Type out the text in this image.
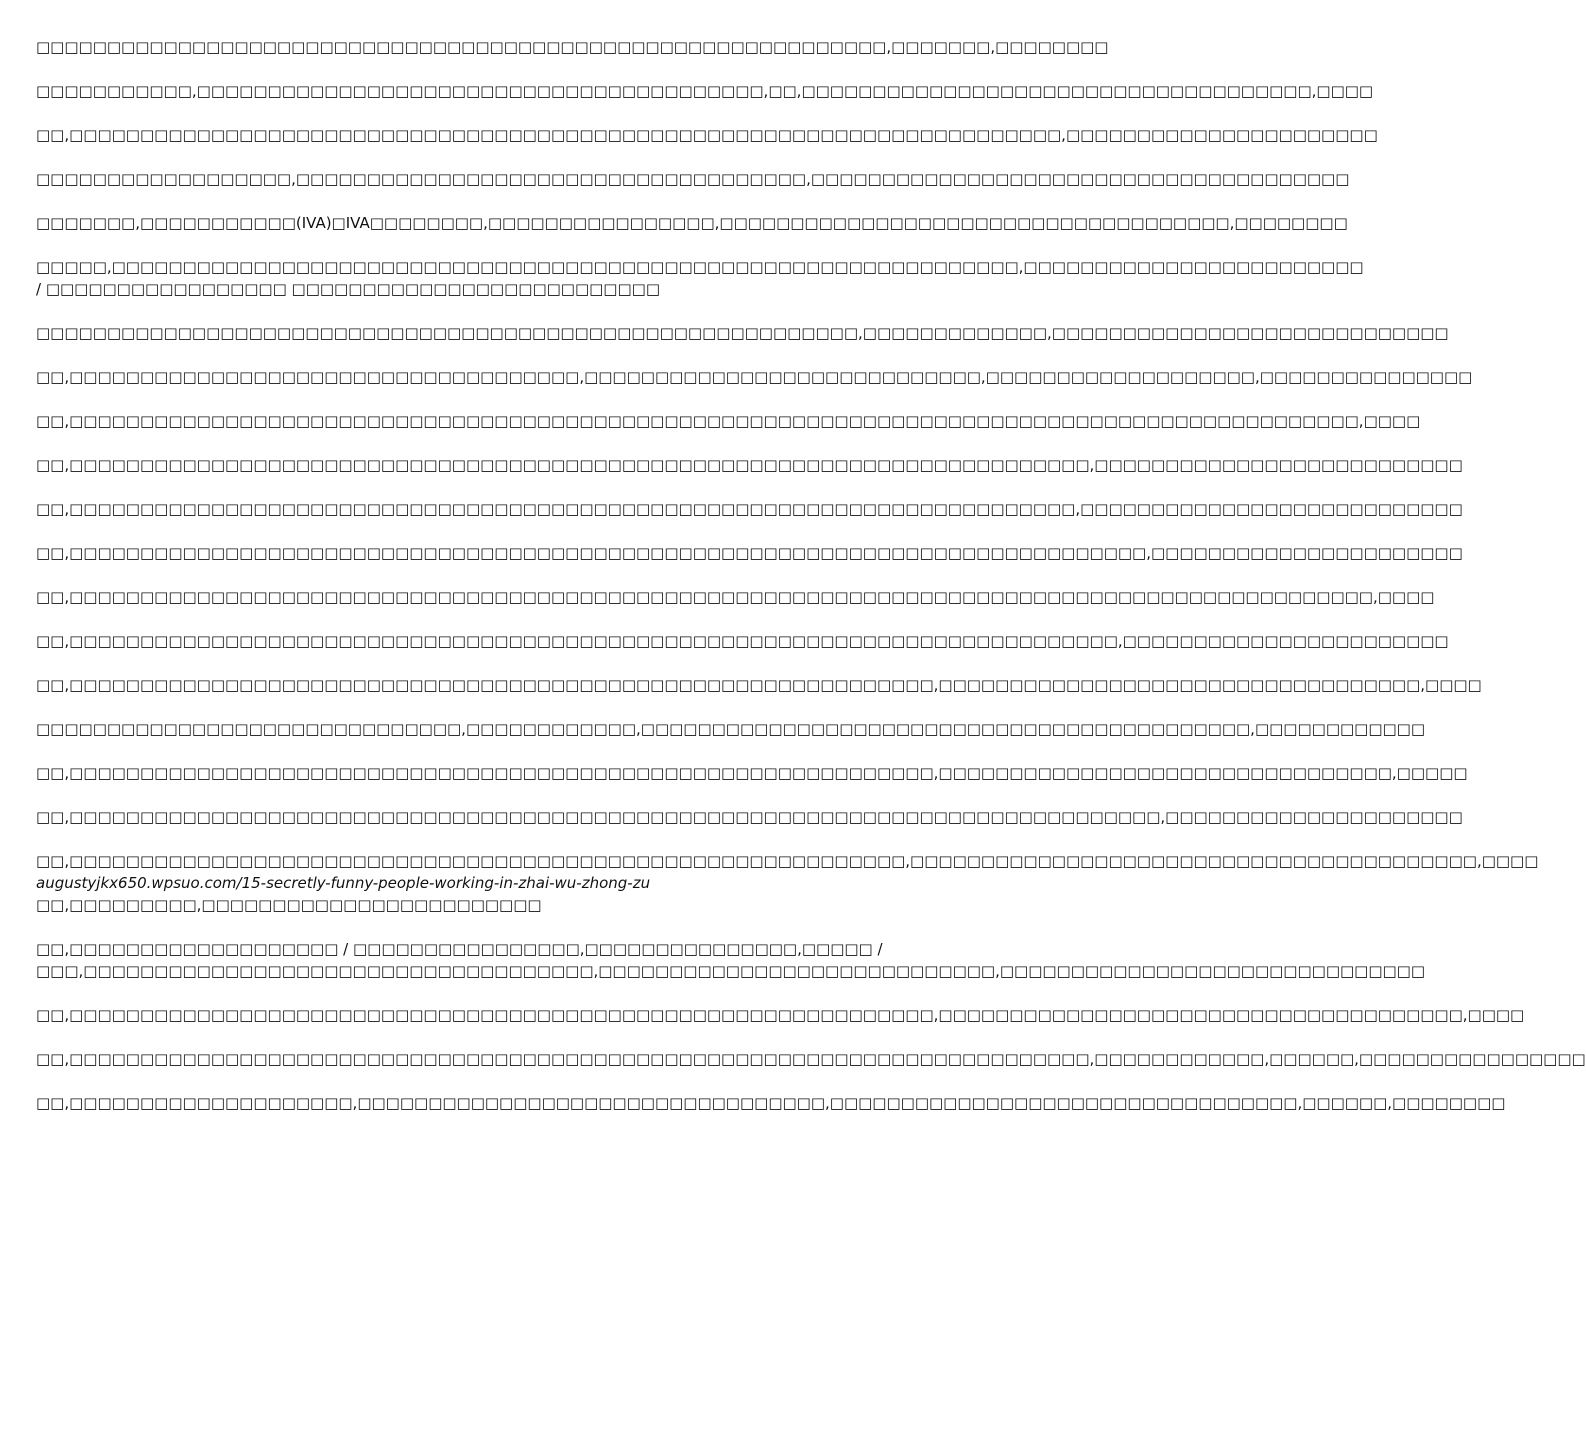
□□□□□□□□□□□□□□□□□□□□□□□□□□□□□□□□□□□□□□□□□□□□□□□□□□□□□□□□□□□□,□□□□□□□,□□□□□□□□
□□□□□□□□□□□,□□□□□□□□□□□□□□□□□□□□□□□□□□□□□□□□□□□□□□□□,□□,□□□□□□□□□□□□□□□□□□□□□□□□□□□□□□□□□□□□,□□□□
□□,□□□□□□□□□□□□□□□□□□□□□□□□□□□□□□□□□□□□□□□□□□□□□□□□□□□□□□□□□□□□□□□□□□□□□□,□□□□□□□□□□□□□□□□□□□□□□
□□□□□□□□□□□□□□□□□□,□□□□□□□□□□□□□□□□□□□□□□□□□□□□□□□□□□□□,□□□□□□□□□□□□□□□□□□□□□□□□□□□□□□□□□□□□□□
□□□□□□□,□□□□□□□□□□□(IVA)□IVA□□□□□□□□,□□□□□□□□□□□□□□□□,□□□□□□□□□□□□□□□□□□□□□□□□□□□□□□□□□□□□,□□□□□□□□
□□□□□,□□□□□□□□□□□□□□□□□□□□□□□□□□□□□□□□□□□□□□□□□□□□□□□□□□□□□□□□□□□□□□□□,□□□□□□□□□□□□□□□□□□□□□□□□
/ □□□□□□□□□□□□□□□□□ □□□□□□□□□□□□□□□□□□□□□□□□□□
□□□□□□□□□□□□□□□□□□□□□□□□□□□□□□□□□□□□□□□□□□□□□□□□□□□□□□□□□□,□□□□□□□□□□□□□,□□□□□□□□□□□□□□□□□□□□□□□□□□□□
□□,□□□□□□□□□□□□□□□□□□□□□□□□□□□□□□□□□□□□,□□□□□□□□□□□□□□□□□□□□□□□□□□□□,□□□□□□□□□□□□□□□□□□□,□□□□□□□□□□□□□□□
□□,□□□□□□□□□□□□□□□□□□□□□□□□□□□□□□□□□□□□□□□□□□□□□□□□□□□□□□□□□□□□□□□□□□□□□□□□□□□□□□□□□□□□□□□□□□□,□□□□
□□,□□□□□□□□□□□□□□□□□□□□□□□□□□□□□□□□□□□□□□□□□□□□□□□□□□□□□□□□□□□□□□□□□□□□□□□□,□□□□□□□□□□□□□□□□□□□□□□□□□□
□□,□□□□□□□□□□□□□□□□□□□□□□□□□□□□□□□□□□□□□□□□□□□□□□□□□□□□□□□□□□□□□□□□□□□□□□□,□□□□□□□□□□□□□□□□□□□□□□□□□□□
□□,□□□□□□□□□□□□□□□□□□□□□□□□□□□□□□□□□□□□□□□□□□□□□□□□□□□□□□□□□□□□□□□□□□□□□□□□□□□□,□□□□□□□□□□□□□□□□□□□□□□
□□,□□□□□□□□□□□□□□□□□□□□□□□□□□□□□□□□□□□□□□□□□□□□□□□□□□□□□□□□□□□□□□□□□□□□□□□□□□□□□□□□□□□□□□□□□□□□,□□□□
□□,□□□□□□□□□□□□□□□□□□□□□□□□□□□□□□□□□□□□□□□□□□□□□□□□□□□□□□□□□□□□□□□□□□□□□□□□□□,□□□□□□□□□□□□□□□□□□□□□□□
□□,□□□□□□□□□□□□□□□□□□□□□□□□□□□□□□□□□□□□□□□□□□□□□□□□□□□□□□□□□□□□□,□□□□□□□□□□□□□□□□□□□□□□□□□□□□□□□□□□,□□□□
□□□□□□□□□□□□□□□□□□□□□□□□□□□□□□,□□□□□□□□□□□□,□□□□□□□□□□□□□□□□□□□□□□□□□□□□□□□□□□□□□□□□□□□,□□□□□□□□□□□□
□□,□□□□□□□□□□□□□□□□□□□□□□□□□□□□□□□□□□□□□□□□□□□□□□□□□□□□□□□□□□□□□,□□□□□□□□□□□□□□□□□□□□□□□□□□□□□□□□,□□□□□
□□,□□□□□□□□□□□□□□□□□□□□□□□□□□□□□□□□□□□□□□□□□□□□□□□□□□□□□□□□□□□□□□□□□□□□□□□□□□□□□,□□□□□□□□□□□□□□□□□□□□□
□□,□□□□□□□□□□□□□□□□□□□□□□□□□□□□□□□□□□□□□□□□□□□□□□□□□□□□□□□□□□□,□□□□□□□□□□□□□□□□□□□□□□□□□□□□□□□□□□□□□□□□,□□□□
augustyjkx650.wpsuo.com/15-secretly-funny-people-working-in-zhai-wu-zhong-zu
□□,□□□□□□□□□,□□□□□□□□□□□□□□□□□□□□□□□□
□□,□□□□□□□□□□□□□□□□□□□ / □□□□□□□□□□□□□□□□,□□□□□□□□□□□□□□□,□□□□□ /
□□□,□□□□□□□□□□□□□□□□□□□□□□□□□□□□□□□□□□□□,□□□□□□□□□□□□□□□□□□□□□□□□□□□□,□□□□□□□□□□□□□□□□□□□□□□□□□□□□□□
□□,□□□□□□□□□□□□□□□□□□□□□□□□□□□□□□□□□□□□□□□□□□□□□□□□□□□□□□□□□□□□□,□□□□□□□□□□□□□□□□□□□□□□□□□□□□□□□□□□□□□,□□□□
□□,□□□□□□□□□□□□□□□□□□□□□□□□□□□□□□□□□□□□□□□□□□□□□□□□□□□□□□□□□□□□□□□□□□□□□□□□,□□□□□□□□□□□□,□□□□□□,□□□□□□□□□□□□□□□□
□□,□□□□□□□□□□□□□□□□□□□□,□□□□□□□□□□□□□□□□□□□□□□□□□□□□□□□□□,□□□□□□□□□□□□□□□□□□□□□□□□□□□□□□□□□,□□□□□□,□□□□□□□□
